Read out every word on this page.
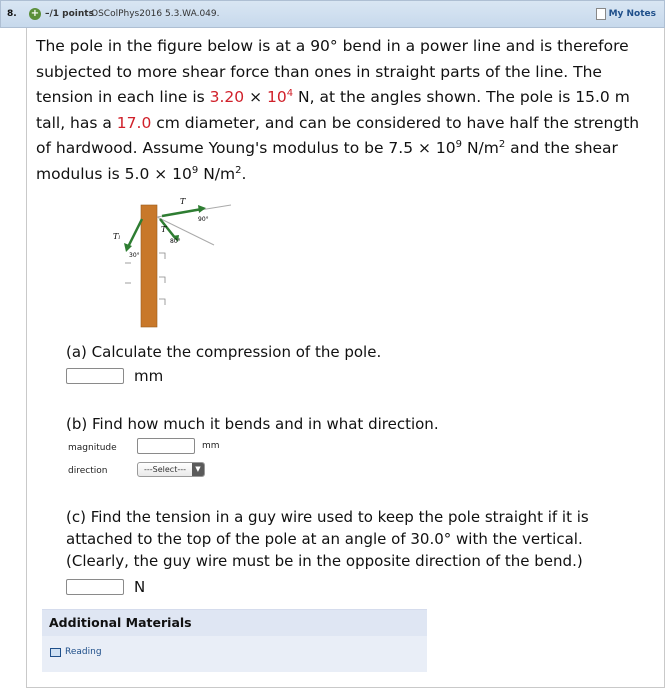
8. + –/1 points
OSColPhys2016 5.3.WA.049.	My Notes
The pole in the figure below is at a 90° bend in a power line and is therefore
subjected to more shear force than ones in straight parts of the line. The
tension in each line is $3.20 \times 10^4$ N, at the angles shown. The pole is 15.0 m
tall, has a 17.0 cm diameter, and can be considered to have half the strength
of hardwood. Assume Young's modulus to be $7.5 \times 10^9$ $N/m^2$ and the shear
modulus is $5.0 \times 10^9$ $N/m^2$.
T
T
Tₗ
90°
80°
30°
(a) Calculate the compression of the pole.
mm
(b) Find how much it bends and in what direction.
magnitude	mm
direction	---Select---	▼
(c) Find the tension in a guy wire used to keep the pole straight if it is
attached to the top of the pole at an angle of 30.0° with the vertical.
(Clearly, the guy wire must be in the opposite direction of the bend.)
N
Additional Materials
Reading
